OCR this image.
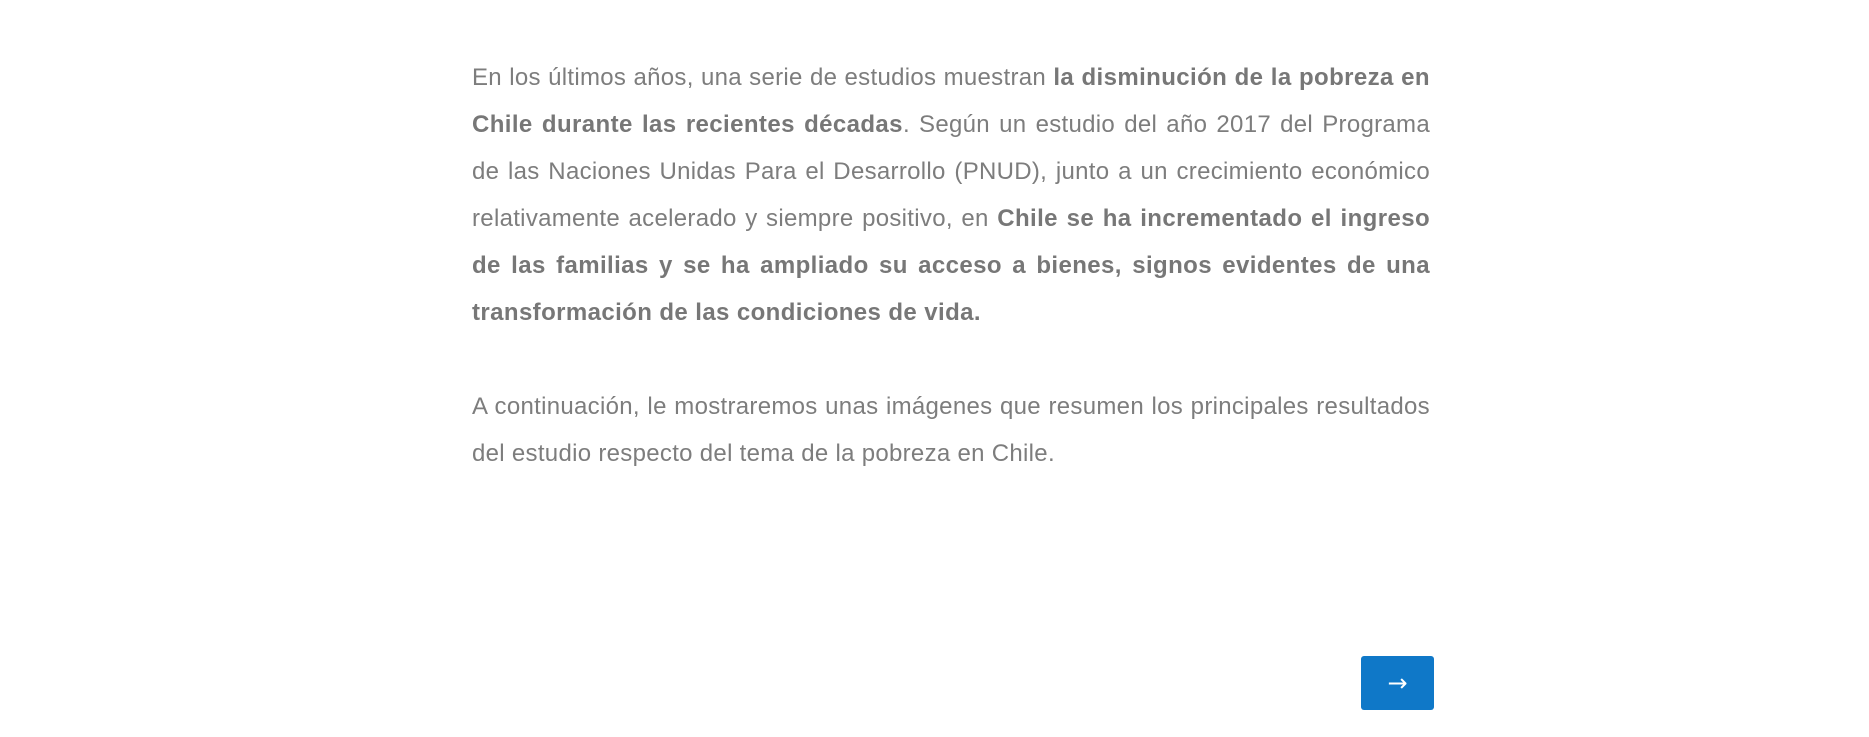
En los últimos años, una serie de estudios muestran la disminución de la pobreza en Chile durante las recientes décadas. Según un estudio del año 2017 del Programa de las Naciones Unidas Para el Desarrollo (PNUD), junto a un crecimiento económico relativamente acelerado y siempre positivo, en Chile se ha incrementado el ingreso de las familias y se ha ampliado su acceso a bienes, signos evidentes de una transformación de las condiciones de vida.

A continuación, le mostraremos unas imágenes que resumen los principales resultados del estudio respecto del tema de la pobreza en Chile.

→
